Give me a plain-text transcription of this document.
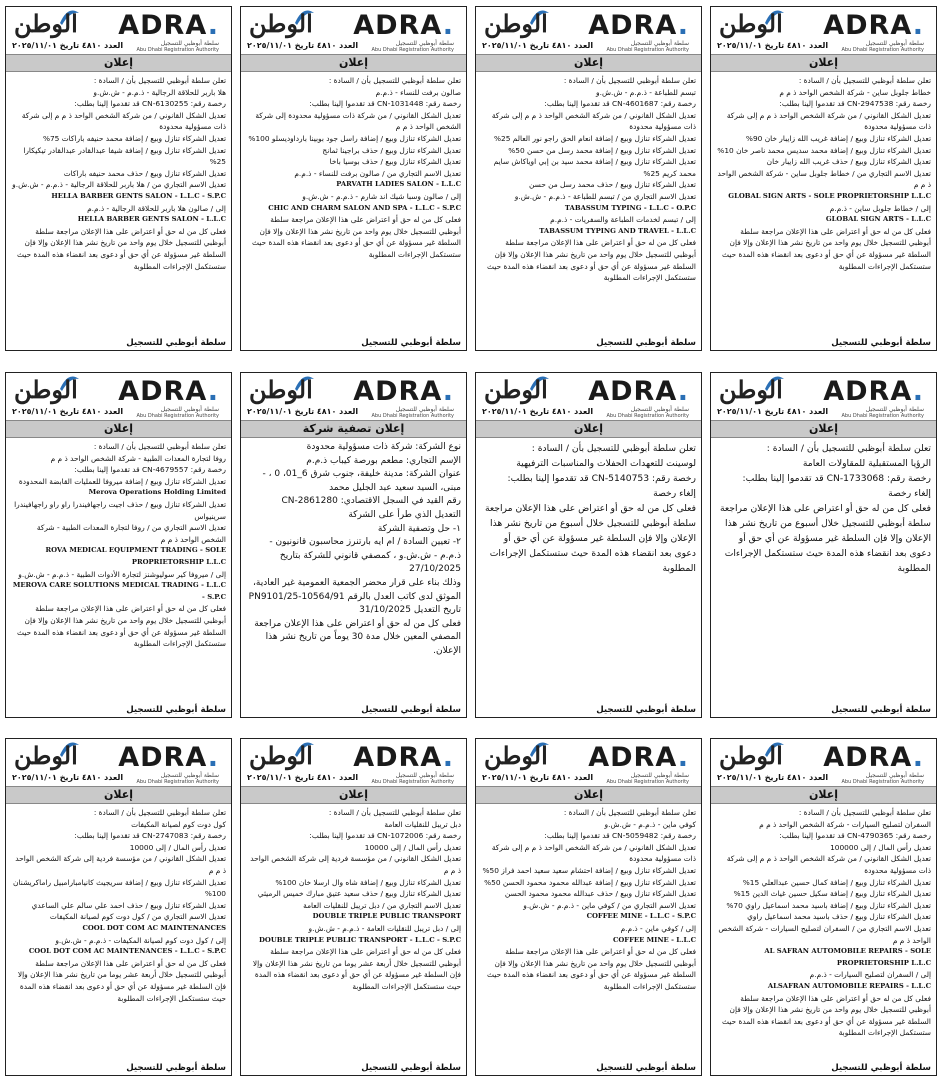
ADRA.
سلطة أبوظبي للتسجيل
Abu Dhabi Registration Authority
الوطن
العدد ٤٨١٠ تاريخ ٢٠٢٥/١١/٠١
إعلان
تعلن سلطة أبوظبي للتسجيل بأن / السادة :
خطاط جلوبل ساين - شركة الشخص الواحد ذ م م
رخصة رقم: CN-2947538 قد تقدموا إلينا بطلب:
تعديل الشكل القانوني / من شركة الشخص الواحد ذ م م إلى شركة ذات مسؤولية محدودة
تعديل الشركاء تنازل وبيع / إضافة غريب الله زايبار خان 90%
تعديل الشركاء تنازل وبيع / إضافة محمد سديس محمد ناصر خان 10%
تعديل الشركاء تنازل وبيع / حذف غريب الله زايبار خان
تعديل الاسم التجاري من / خطاط جلوبل ساين - شركة الشخص الواحد ذ م م
GLOBAL SIGN ARTS - SOLE PROPRIETORSHIP L.L.C
إلى / خطاط جلوبل ساين - ذ.م.م
GLOBAL SIGN ARTS - L.L.C
فعلى كل من له حق أو اعتراض على هذا الإعلان مراجعة سلطة أبوظبي للتسجيل خلال يوم واحد من تاريخ نشر هذا الإعلان وإلا فإن السلطة غير مسؤولة عن أي حق أو دعوى بعد انقضاء هذه المدة حيث ستستكمل الإجراءات المطلوبة
سلطة أبوظبي للتسجيل
ADRA.
سلطة أبوظبي للتسجيل
Abu Dhabi Registration Authority
الوطن
العدد ٤٨١٠ تاريخ ٢٠٢٥/١١/٠١
إعلان
تعلن سلطة أبوظبي للتسجيل بأن / السادة :
تبسم للطباعة - ذ.م.م - ش.ش.و
رخصة رقم: CN-4601687 قد تقدموا إلينا بطلب:
تعديل الشكل القانوني / من شركة الشخص الواحد ذ م م إلى شركة ذات مسؤولية محدودة
تعديل الشركاء تنازل وبيع / إضافة انعام الحق راجو نور العالم 25%
تعديل الشركاء تنازل وبيع / إضافة محمد رسل من حسن 50%
تعديل الشركاء تنازل وبيع / إضافة محمد سيد بن إبي اوياكاش سايم محمد كريم 25%
تعديل الشركاء تنازل وبيع / حذف محمد رسل من حسن
تعديل الاسم التجاري من / تبسم للطباعة - ذ.م.م - ش.ش.و
TABASSUM TYPING - L.L.C - O.P.C
إلى / تبسم لخدمات الطباعة والسفريات - ذ.م.م
TABASSUM TYPING AND TRAVEL - L.L.C
فعلى كل من له حق أو اعتراض على هذا الإعلان مراجعة سلطة أبوظبي للتسجيل خلال يوم واحد من تاريخ نشر هذا الإعلان وإلا فإن السلطة غير مسؤولة عن أي حق أو دعوى بعد انقضاء هذه المدة حيث ستستكمل الإجراءات المطلوبة
سلطة أبوظبي للتسجيل
ADRA.
سلطة أبوظبي للتسجيل
Abu Dhabi Registration Authority
الوطن
العدد ٤٨١٠ تاريخ ٢٠٢٥/١١/٠١
إعلان
تعلن سلطة أبوظبي للتسجيل بأن / السادة :
صالون برفت للنساء - ذ.م.م
رخصة رقم: CN-1031448 قد تقدموا إلينا بطلب:
تعديل الشكل القانوني / من شركة ذات مسؤولية محدودة إلى شركة الشخص الواحد ذ م م
تعديل الشركاء تنازل وبيع / إضافة راسل جود بوبينا بارداوديسلو 100%
تعديل الشركاء تنازل وبيع / حذف براجينا ثمانج
تعديل الشركاء تنازل وبيع / حذف بوسيا باخا
تعديل الاسم التجاري من / صالون برفت للنساء - ذ.م.م
PARVATH LADIES SALON - L.L.C
إلى / صالون وسبا شيك اند شارم - ذ.م.م - ش.ش.و
CHIC AND CHARM SALON AND SPA - L.L.C - S.P.C
فعلى كل من له حق أو اعتراض على هذا الإعلان مراجعة سلطة أبوظبي للتسجيل خلال يوم واحد من تاريخ نشر هذا الإعلان وإلا فإن السلطة غير مسؤولة عن أي حق أو دعوى بعد انقضاء هذه المدة حيث ستستكمل الإجراءات المطلوبة
سلطة أبوظبي للتسجيل
ADRA.
سلطة أبوظبي للتسجيل
Abu Dhabi Registration Authority
الوطن
العدد ٤٨١٠ تاريخ ٢٠٢٥/١١/٠١
إعلان
تعلن سلطة أبوظبي للتسجيل بأن / السادة :
هلا باربر للحلاقة الرجالية - ذ.م.م - ش.ش.و
رخصة رقم: CN-6130255 قد تقدموا إلينا بطلب:
تعديل الشكل القانوني / من شركة الشخص الواحد ذ م م إلى شركة ذات مسؤولية محدودة
تعديل الشركاء تنازل وبيع / إضافة محمد حنيفه باراكات 75%
تعديل الشركاء تنازل وبيع / إضافة شيفا عبدالقادر عبدالقادر تيكيكارا 25%
تعديل الشركاء تنازل وبيع / حذف محمد حنيفه باراكات
تعديل الاسم التجاري من / هلا باربر للحلاقة الرجالية - ذ.م.م - ش.ش.و
HELLA BARBER GENTS SALON - L.L.C - S.P.C
إلى / صالون هلا باربر للحلاقة الرجالية - ذ.م.م
HELLA BARBER GENTS SALON - L.L.C
فعلى كل من له حق أو اعتراض على هذا الإعلان مراجعة سلطة أبوظبي للتسجيل خلال يوم واحد من تاريخ نشر هذا الإعلان وإلا فإن السلطة غير مسؤولة عن أي حق أو دعوى بعد انقضاء هذه المدة حيث ستستكمل الإجراءات المطلوبة
سلطة أبوظبي للتسجيل
ADRA.
سلطة أبوظبي للتسجيل
Abu Dhabi Registration Authority
الوطن
العدد ٤٨١٠ تاريخ ٢٠٢٥/١١/٠١
إعلان
تعلن سلطة أبوظبي للتسجيل بأن / السادة :
الرؤيا المستقبلية للمقاولات العامة
رخصة رقم: CN-1733068 قد تقدموا إلينا بطلب:
إلغاء رخصة
فعلى كل من له حق أو اعتراض على هذا الإعلان مراجعة سلطة أبوظبي للتسجيل خلال أسبوع من تاريخ نشر هذا الإعلان وإلا فإن السلطة غير مسؤولة عن أي حق أو دعوى بعد انقضاء هذه المدة حيث ستستكمل الإجراءات المطلوبة
سلطة أبوظبي للتسجيل
ADRA.
سلطة أبوظبي للتسجيل
Abu Dhabi Registration Authority
الوطن
العدد ٤٨١٠ تاريخ ٢٠٢٥/١١/٠١
إعلان
تعلن سلطة أبوظبي للتسجيل بأن / السادة :
لوسينت للتعهدات الحفلات والمناسبات الترفيهية
رخصة رقم: CN-5140753 قد تقدموا إلينا بطلب:
إلغاء رخصة
فعلى كل من له حق أو اعتراض على هذا الإعلان مراجعة سلطة أبوظبي للتسجيل خلال أسبوع من تاريخ نشر هذا الإعلان وإلا فإن السلطة غير مسؤولة عن أي حق أو دعوى بعد انقضاء هذه المدة حيث ستستكمل الإجراءات المطلوبة
سلطة أبوظبي للتسجيل
ADRA.
سلطة أبوظبي للتسجيل
Abu Dhabi Registration Authority
الوطن
العدد ٤٨١٠ تاريخ ٢٠٢٥/١١/٠١
إعلان تصفية شركة
نوع الشركة: شركة ذات مسؤولية محدودة
الإسم التجاري: مطعم بورصة كيباب ذ.م.م
عنوان الشركة: مدينة خليفة، جنوب شرق 6_01، 0 ، - مبنى، السيد سعيد عبد الجليل محمد
رقم القيد في السجل الاقتصادي: CN-2861280
التعديل الذي طرأ على الشركة
١- حل وتصفية الشركة
٢- تعيين السادة / ام ايه بارتنرز محاسبون قانونيون - ذ.م.م - ش.ش.و ، كمصفي قانوني للشركة بتاريخ 27/10/2025
وذلك بناء على قرار محضر الجمعية العمومية غير العادية، الموثق لدى كاتب العدل بالرقم 10564/91-PN9101/25 تاريخ التعديل 31/10/2025
فعلى كل من له حق أو اعتراض على هذا الإعلان مراجعة المصفي المعين خلال مدة 30 يوماً من تاريخ نشر هذا الإعلان.
سلطة أبوظبي للتسجيل
ADRA.
سلطة أبوظبي للتسجيل
Abu Dhabi Registration Authority
الوطن
العدد ٤٨١٠ تاريخ ٢٠٢٥/١١/٠١
إعلان
تعلن سلطة أبوظبي للتسجيل بأن / السادة :
روفا لتجارة المعدات الطبية - شركة الشخص الواحد ذ م م
رخصة رقم: CN-4679557 قد تقدموا إلينا بطلب:
تعديل الشركاء تنازل وبيع / إضافة ميروفا للعمليات القابضة المحدودة
Merova Operations Holding Limited
تعديل الشركاء تنازل وبيع / حذف اجيت راجهافيندرا راو راو راجهافيندرا سرينيواس
تعديل الاسم التجاري من / روفا لتجارة المعدات الطبية - شركة الشخص الواحد ذ م م
ROVA MEDICAL EQUIPMENT TRADING - SOLE PROPRIETORSHIP L.L.C
إلى / ميروفا كير سوليوشنز لتجارة الأدوات الطبية - ذ.م.م - ش.ش.و
MEROVA CARE SOLUTIONS MEDICAL TRADING - L.L.C - S.P.C
فعلى كل من له حق أو اعتراض على هذا الإعلان مراجعة سلطة أبوظبي للتسجيل خلال يوم واحد من تاريخ نشر هذا الإعلان وإلا فإن السلطة غير مسؤولة عن أي حق أو دعوى بعد انقضاء هذه المدة حيث ستستكمل الإجراءات المطلوبة
سلطة أبوظبي للتسجيل
ADRA.
سلطة أبوظبي للتسجيل
Abu Dhabi Registration Authority
الوطن
العدد ٤٨١٠ تاريخ ٢٠٢٥/١١/٠١
إعلان
تعلن سلطة أبوظبي للتسجيل بأن / السادة :
السفران لتصليح السيارات - شركة الشخص الواحد ذ م م
رخصة رقم: CN-4790365 قد تقدموا إلينا بطلب:
تعديل رأس المال / إلى 100000
تعديل الشكل القانوني / من شركة الشخص الواحد ذ م م إلى شركة ذات مسؤولية محدودة
تعديل الشركاء تنازل وبيع / إضافة كمال حسين عبدالعلي 15%
تعديل الشركاء تنازل وبيع / إضافة سكيل حسين غياث الدين 15%
تعديل الشركاء تنازل وبيع / إضافة باسيد محمد اسماعيل راوي 70%
تعديل الشركاء تنازل وبيع / حذف باسيد محمد اسماعيل راوي
تعديل الاسم التجاري من / السفران لتصليح السيارات - شركة الشخص الواحد ذ م م
AL SAFRAN AUTOMOBILE REPAIRS - SOLE PROPRIETORSHIP L.L.C
إلى / السفران لتصليح السيارات - ذ.م.م
ALSAFRAN AUTOMOBILE REPAIRS - L.L.C
فعلى كل من له حق أو اعتراض على هذا الإعلان مراجعة سلطة أبوظبي للتسجيل خلال يوم واحد من تاريخ نشر هذا الإعلان وإلا فإن السلطة غير مسؤولة عن أي حق أو دعوى بعد انقضاء هذه المدة حيث ستستكمل الإجراءات المطلوبة
سلطة أبوظبي للتسجيل
ADRA.
سلطة أبوظبي للتسجيل
Abu Dhabi Registration Authority
الوطن
العدد ٤٨١٠ تاريخ ٢٠٢٥/١١/٠١
إعلان
تعلن سلطة أبوظبي للتسجيل بأن / السادة :
كوفي ماين - ذ.م.م - ش.ش.و
رخصة رقم: CN-5059482 قد تقدموا إلينا بطلب:
تعديل الشكل القانوني / من شركة الشخص الواحد ذ م م إلى شركة ذات مسؤولية محدودة
تعديل الشركاء تنازل وبيع / إضافة احتشام سعيد سعيد احمد فراز 50%
تعديل الشركاء تنازل وبيع / إضافة عبدالله محمود محمود الحسن 50%
تعديل الشركاء تنازل وبيع / حذف عبدالله محمود محمود الحسن
تعديل الاسم التجاري من / كوفي ماين - ذ.م.م - ش.ش.و
COFFEE MINE - L.L.C - S.P.C
إلى / كوفي ماين - ذ.م.م
COFFEE MINE - L.L.C
فعلى كل من له حق أو اعتراض على هذا الإعلان مراجعة سلطة أبوظبي للتسجيل خلال يوم واحد من تاريخ نشر هذا الإعلان وإلا فإن السلطة غير مسؤولة عن أي حق أو دعوى بعد انقضاء هذه المدة حيث ستستكمل الإجراءات المطلوبة
سلطة أبوظبي للتسجيل
ADRA.
سلطة أبوظبي للتسجيل
Abu Dhabi Registration Authority
الوطن
العدد ٤٨١٠ تاريخ ٢٠٢٥/١١/٠١
إعلان
تعلن سلطة أبوظبي للتسجيل بأن / السادة :
دبل تريبل للنقليات العامة
رخصة رقم: CN-1072006 قد تقدموا إلينا بطلب:
تعديل رأس المال / إلى 10000
تعديل الشكل القانوني / من مؤسسة فردية إلى شركة الشخص الواحد ذ م م
تعديل الشركاء تنازل وبيع / إضافة شاه وال ارسلا خان 100%
تعديل الشركاء تنازل وبيع / حذف سعيد عتيق مبارك خميس الرميثي
تعديل الاسم التجاري من / دبل تريبل للنقليات العامة
DOUBLE TRIPLE PUBLIC TRANSPORT
إلى / دبل تريبل للنقليات العامة - ذ.م.م - ش.ش.و
DOUBLE TRIPLE PUBLIC TRANSPORT - L.L.C - S.P.C
فعلى كل من له حق أو اعتراض على هذا الإعلان مراجعة سلطة أبوظبي للتسجيل خلال أربعة عشر يوما من تاريخ نشر هذا الإعلان وإلا فإن السلطة غير مسؤولة عن أي حق أو دعوى بعد انقضاء هذه المدة حيث ستستكمل الإجراءات المطلوبة
سلطة أبوظبي للتسجيل
ADRA.
سلطة أبوظبي للتسجيل
Abu Dhabi Registration Authority
الوطن
العدد ٤٨١٠ تاريخ ٢٠٢٥/١١/٠١
إعلان
تعلن سلطة أبوظبي للتسجيل بأن / السادة :
كول دوت كوم لصيانة المكيفات
رخصة رقم: CN-2747083 قد تقدموا إلينا بطلب:
تعديل رأس المال / إلى 10000
تعديل الشكل القانوني / من مؤسسة فردية إلى شركة الشخص الواحد ذ م م
تعديل الشركاء تنازل وبيع / إضافة سريجيث كانيامبارامبيل راماكريشنان 100%
تعديل الشركاء تنازل وبيع / حذف احمد علي سالم علي الساعدي
تعديل الاسم التجاري من / كول دوت كوم لصيانة المكيفات
COOL DOT COM AC MAINTENANCES
إلى / كول دوت كوم لصيانة المكيفات - ذ.م.م - ش.ش.و
COOL DOT COM AC MAINTENANCES - L.L.C - S.P.C
فعلى كل من له حق أو اعتراض على هذا الإعلان مراجعة سلطة أبوظبي للتسجيل خلال أربعة عشر يوما من تاريخ نشر هذا الإعلان وإلا فإن السلطة غير مسؤولة عن أي حق أو دعوى بعد انقضاء هذه المدة حيث ستستكمل الإجراءات المطلوبة
سلطة أبوظبي للتسجيل
